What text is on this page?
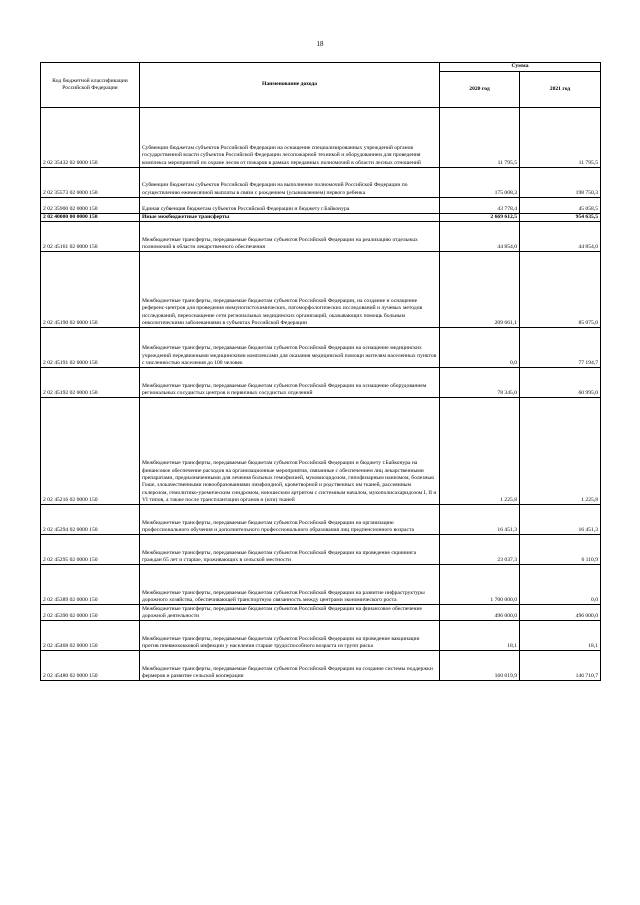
18
Код бюджетной классификации Российской Федерации	Наименование дохода	Сумма	
		2020 год	2021 год
2 02 35432 02 0000 150	Субвенции бюджетам субъектов Российской Федерации на оснащение специализированных учреждений органов государственной власти субъектов Российской Федерации лесопожарной техникой и оборудованием для проведения комплекса мероприятий по охране лесов от пожаров в рамках переданных полномочий в области лесных отношений	11 795,5	11 795,5
2 02 35573 02 0000 150	Субвенции бюджетам субъектов Российской Федерации на выполнение полномочий Российской Федерации по осуществлению ежемесячной выплаты в связи с рождением (усыновлением) первого ребенка	175 008,3	198 750,3
2 02 35900 02 0000 150	Единая субвенция бюджетам субъектов Российской Федерации и бюджету г.Байконура	43 778,4	45 058,5
2 02 40000 00 0000 150	Иные межбюджетные трансферты	2 669 612,5	954 635,5
2 02 45161 02 0000 150	Межбюджетные трансферты, передаваемые бюджетам субъектов Российской Федерации на реализацию отдельных полномочий в области лекарственного обеспечения	44 854,0	44 854,0
2 02 45190 02 0000 150	Межбюджетные трансферты, передаваемые бюджетам субъектов Российской Федерации, на создание и оснащение референс-центров для проведения иммуногистохимических, патоморфологических исследований и лучевых методов исследований, переоснащение сети региональных медицинских организаций, оказывающих помощь больным онкологическими заболеваниями в субъектах Российской Федерации	209 661,1	85 075,0
2 02 45191 02 0000 150	Межбюджетные трансферты, передаваемые бюджетам субъектов Российской Федерации на оснащение медицинских учреждений передвижными медицинскими комплексами для оказания медицинской помощи жителям населенных пунктов с численностью населения до 100 человек	0,0	77 194,7
2 02 45192 02 0000 150	Межбюджетные трансферты, передаваемые бюджетам субъектов Российской Федерации на оснащение оборудованием региональных сосудистых центров и первичных сосудистых отделений	78 345,0	60 995,0
2 02 45216 02 0000 150	Межбюджетные трансферты, передаваемые бюджетам субъектов Российской Федерации и бюджету г.Байконура на финансовое обеспечение расходов на организационные мероприятия, связанные с обеспечением лиц лекарственными препаратами, предназначенными для лечения больных гемофилией, муковисцидозом, гипофизарным нанизмом, болезнью Гоше, злокачественными новообразованиями лимфоидной, кроветворной и родственных им тканей, рассеянным склерозом, гемолитико-уремическим синдромом, юношеским артритом с системным началом, мукополисахаридозом I, II и VI типов, а также после трансплантации органов и (или) тканей	1 225,8	1 225,8
2 02 45294 02 0000 150	Межбюджетные трансферты, передаваемые бюджетам субъектов Российской Федерации на организацию профессионального обучения и дополнительного профессионального образования лиц предпенсионного возраста	16 451,3	16 451,3
2 02 45295 02 0000 150	Межбюджетные трансферты, передаваемые бюджетам субъектов Российской Федерации на проведение скрининга граждан 65 лет и старше, проживающих в сельской местности	23 037,3	6 110,9
2 02 45389 02 0000 150	Межбюджетные трансферты, передаваемые бюджетам субъектов Российской Федерации на развитие инфраструктуры дорожного хозяйства, обеспечивающей транспортную связанность между центрами экономического роста	1 700 000,0	0,0
2 02 45390 02 0000 150	Межбюджетные трансферты, передаваемые бюджетам субъектов Российской Федерации на финансовое обеспечение дорожной деятельности	496 000,0	496 000,0
2 02 45468 02 0000 150	Межбюджетные трансферты, передаваемые бюджетам субъектов Российской Федерации на проведение вакцинации против пневмококковой инфекции у населения старше трудоспособного возраста из групп риска	18,1	18,1
2 02 45480 02 0000 150	Межбюджетные трансферты, передаваемые бюджетам субъектов Российской Федерации на создание системы поддержки фермеров и развитие сельской кооперации	160 019,9	146 710,7
